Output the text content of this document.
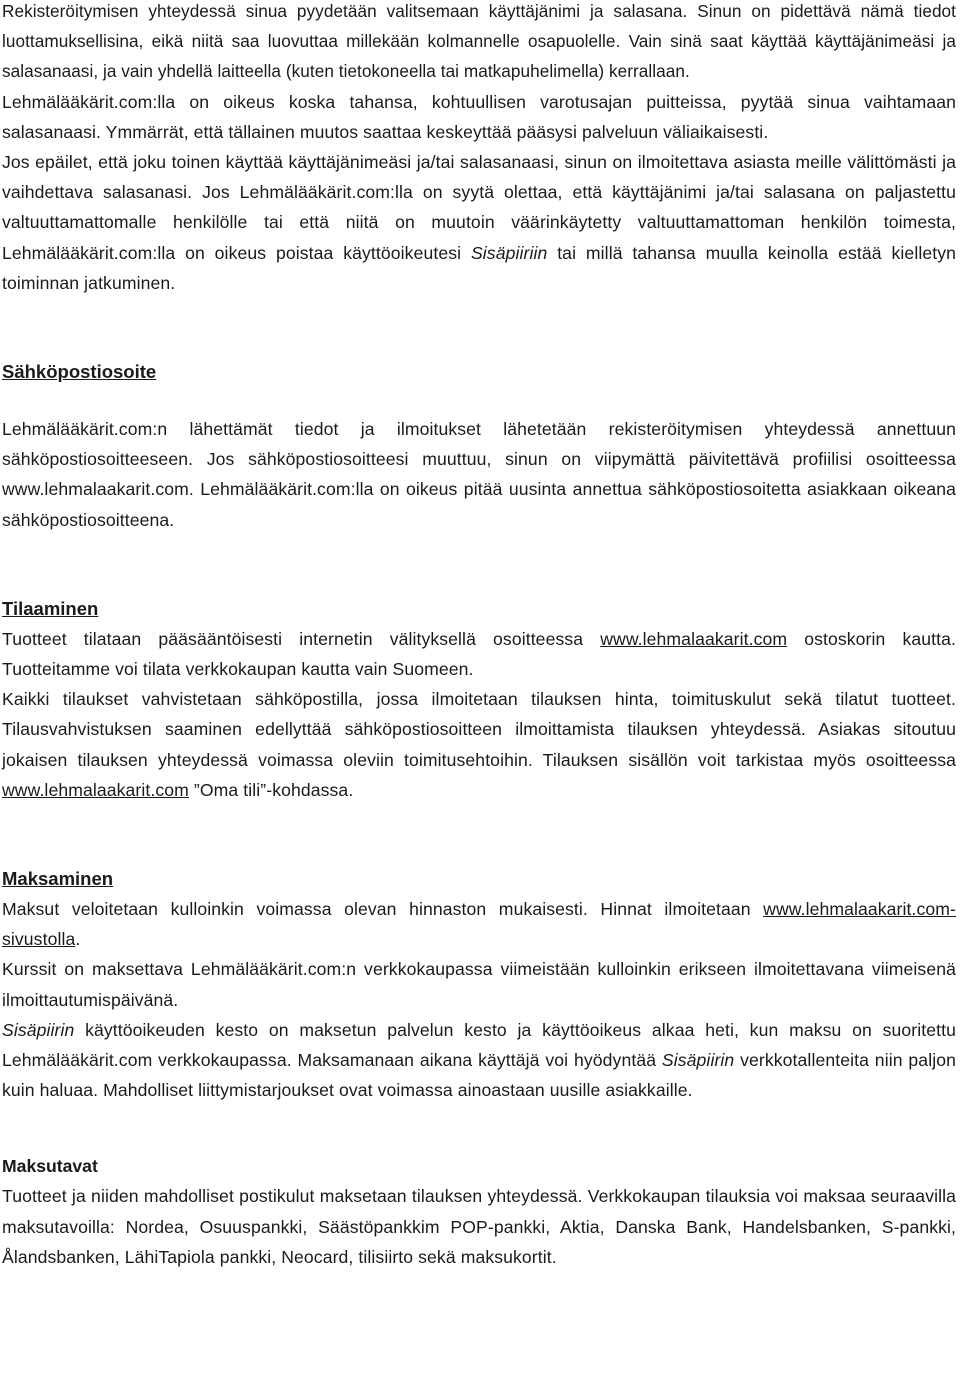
Rekisteröitymisen yhteydessä sinua pyydetään valitsemaan käyttäjänimi ja salasana. Sinun on pidettävä nämä tiedot luottamuksellisina, eikä niitä saa luovuttaa millekään kolmannelle osapuolelle. Vain sinä saat käyttää käyttäjänimeäsi ja salasanaasi, ja vain yhdellä laitteella (kuten tietokoneella tai matkapuhelimella) kerrallaan.

Lehmälääkärit.com:lla on oikeus koska tahansa, kohtuullisen varotusajan puitteissa, pyytää sinua vaihtamaan salasanaasi. Ymmärrät, että tällainen muutos saattaa keskeyttää pääsysi palveluun väliaikaisesti.

Jos epäilet, että joku toinen käyttää käyttäjänimeäsi ja/tai salasanaasi, sinun on ilmoitettava asiasta meille välittömästi ja vaihdettava salasanasi. Jos Lehmälääkärit.com:lla on syytä olettaa, että käyttäjänimi ja/tai salasana on paljastettu valtuuttamattomalle henkilölle tai että niitä on muutoin väärinkäytetty valtuuttamattoman henkilön toimesta, Lehmälääkärit.com:lla on oikeus poistaa käyttöoikeutesi Sisäpiiriin tai millä tahansa muulla keinolla estää kielletyn toiminnan jatkuminen.

Sähköpostiosoite

Lehmälääkärit.com:n lähettämät tiedot ja ilmoitukset lähetetään rekisteröitymisen yhteydessä annettuun sähköpostiosoitteeseen. Jos sähköpostiosoitteesi muuttuu, sinun on viipymättä päivitettävä profiilisi osoitteessa www.lehmalaakarit.com. Lehmälääkärit.com:lla on oikeus pitää uusinta annettua sähköpostiosoitetta asiakkaan oikeana sähköpostiosoitteena.

Tilaaminen

Tuotteet tilataan pääsääntöisesti internetin välityksellä osoitteessa www.lehmalaakarit.com ostoskorin kautta. Tuotteitamme voi tilata verkkokaupan kautta vain Suomeen.

Kaikki tilaukset vahvistetaan sähköpostilla, jossa ilmoitetaan tilauksen hinta, toimituskulut sekä tilatut tuotteet. Tilausvahvistuksen saaminen edellyttää sähköpostiosoitteen ilmoittamista tilauksen yhteydessä. Asiakas sitoutuu jokaisen tilauksen yhteydessä voimassa oleviin toimitusehtoihin. Tilauksen sisällön voit tarkistaa myös osoitteessa www.lehmalaakarit.com ”Oma tili”-kohdassa.

Maksaminen

Maksut veloitetaan kulloinkin voimassa olevan hinnaston mukaisesti. Hinnat ilmoitetaan www.lehmalaakarit.com-sivustolla.

Kurssit on maksettava Lehmälääkärit.com:n verkkokaupassa viimeistään kulloinkin erikseen ilmoitettavana viimeisenä ilmoittautumispäivänä.

Sisäpiirin käyttöoikeuden kesto on maksetun palvelun kesto ja käyttöoikeus alkaa heti, kun maksu on suoritettu Lehmälääkärit.com verkkokaupassa. Maksamanaan aikana käyttäjä voi hyödyntää Sisäpiirin verkkotallenteita niin paljon kuin haluaa. Mahdolliset liittymistarjoukset ovat voimassa ainoastaan uusille asiakkaille.

Maksutavat

Tuotteet ja niiden mahdolliset postikulut maksetaan tilauksen yhteydessä. Verkkokaupan tilauksia voi maksaa seuraavilla maksutavoilla: Nordea, Osuuspankki, Säästöpankkim POP-pankki, Aktia, Danska Bank, Handelsbanken, S-pankki, Ålandsbanken, LähiTapiola pankki, Neocard, tilisiirto sekä maksukortit.
